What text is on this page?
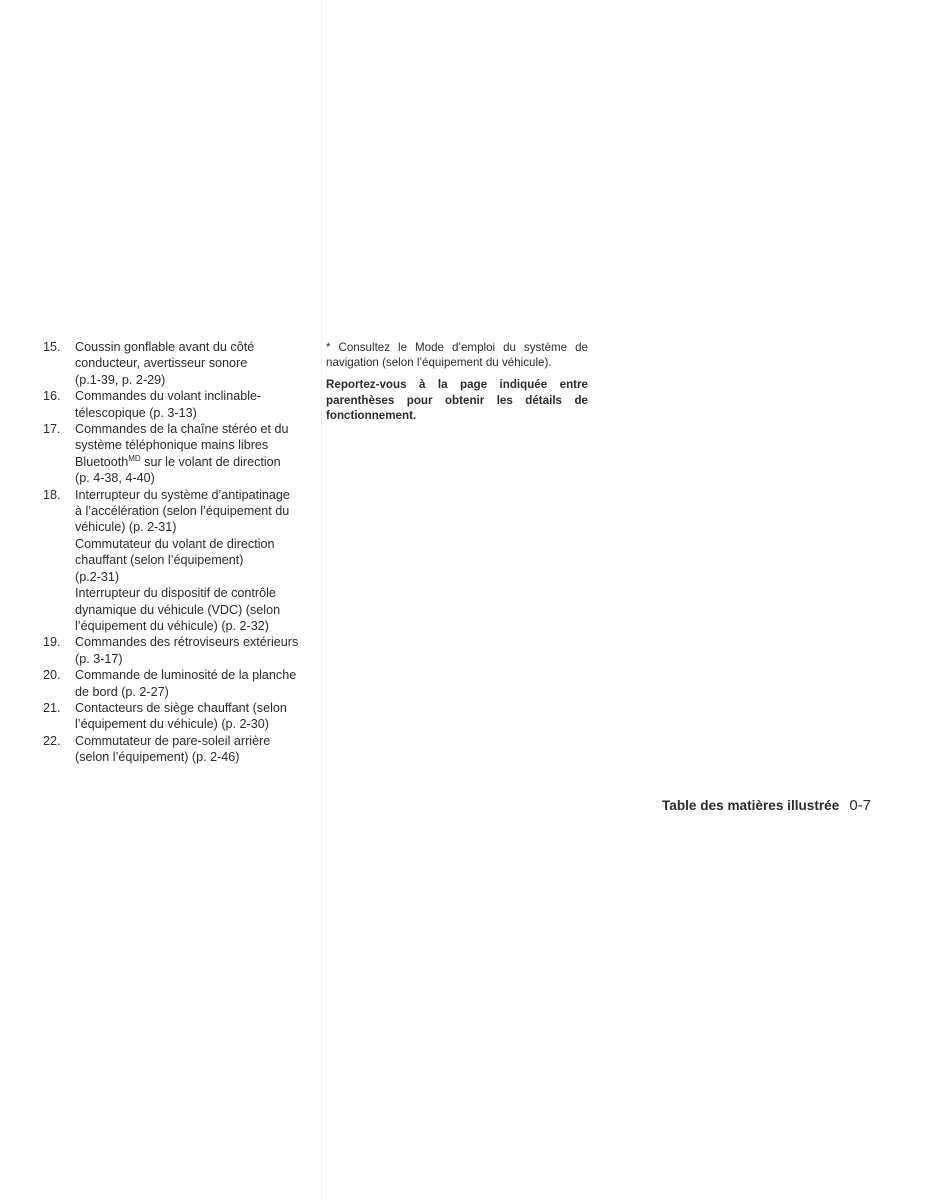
15. Coussin gonflable avant du côté
conducteur, avertisseur sonore
(p.1-39, p. 2-29)
16. Commandes du volant inclinable-
télescopique (p. 3-13)
17. Commandes de la chaîne stéréo et du
système téléphonique mains libres
Bluetooth$^{MD}$ sur le volant de direction
(p. 4-38, 4-40)
18. Interrupteur du système d’antipatinage
à l’accélération (selon l’équipement du
véhicule) (p. 2-31)
Commutateur du volant de direction
chauffant (selon l’équipement)
(p.2-31)
Interrupteur du dispositif de contrôle
dynamique du véhicule (VDC) (selon
l’équipement du véhicule) (p. 2-32)
19. Commandes des rétroviseurs extérieurs
(p. 3-17)
20. Commande de luminosité de la planche
de bord (p. 2-27)
21. Contacteurs de siège chauffant (selon
l’équipement du véhicule) (p. 2-30)
22. Commutateur de pare-soleil arrière
(selon l’équipement) (p. 2-46)

* Consultez le Mode d’emploi du système de navigation (selon l’équipement du véhicule).

Reportez-vous à la page indiquée entre parenthèses pour obtenir les détails de fonctionnement.

Table des matières illustrée 0-7
